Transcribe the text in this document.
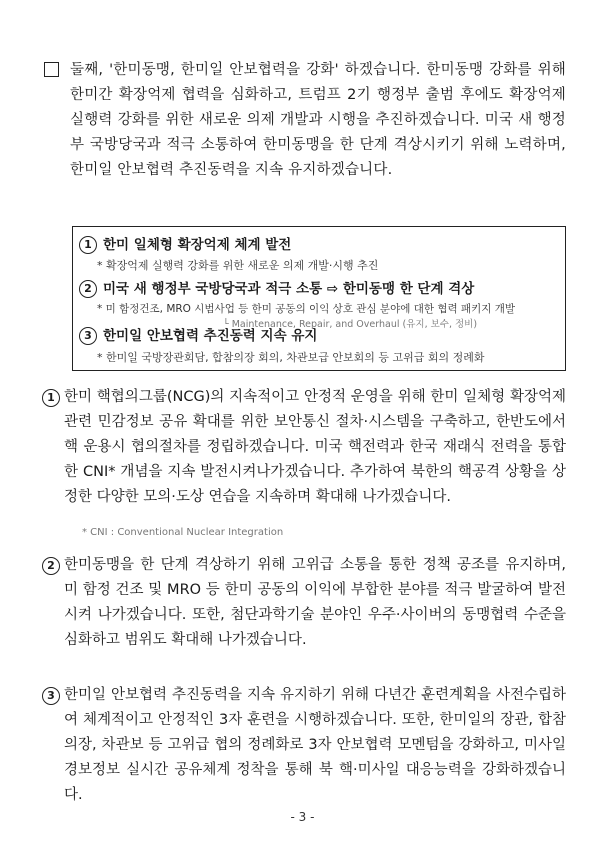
둘째, '한미동맹, 한미일 안보협력을 강화' 하겠습니다. 한미동맹 강화를 위해 한미간 확장억제 협력을 심화하고, 트럼프 2기 행정부 출범 후에도 확장억제 실행력 강화를 위한 새로운 의제 개발과 시행을 추진하겠습니다. 미국 새 행정부 국방당국과 적극 소통하여 한미동맹을 한 단계 격상시키기 위해 노력하며, 한미일 안보협력 추진동력을 지속 유지하겠습니다.
1 한미 일체형 확장억제 체계 발전
* 확장억제 실행력 강화를 위한 새로운 의제 개발·시행 추진
2 미국 새 행정부 국방당국과 적극 소통 ⇨ 한미동맹 한 단계 격상
* 미 함정건조, MRO 시범사업 등 한미 공동의 이익 상호 관심 분야에 대한 협력 패키지 개발
└ Maintenance, Repair, and Overhaul (유지, 보수, 정비)
3 한미일 안보협력 추진동력 지속 유지
* 한미일 국방장관회담, 합참의장 회의, 차관보급 안보회의 등 고위급 회의 정례화
1 한미 핵협의그룹(NCG)의 지속적이고 안정적 운영을 위해 한미 일체형 확장억제 관련 민감정보 공유 확대를 위한 보안통신 절차·시스템을 구축하고, 한반도에서 핵 운용시 협의절차를 정립하겠습니다. 미국 핵전력과 한국 재래식 전력을 통합한 CNI* 개념을 지속 발전시켜나가겠습니다. 추가하여 북한의 핵공격 상황을 상정한 다양한 모의·도상 연습을 지속하며 확대해 나가겠습니다.
* CNI : Conventional Nuclear Integration
2 한미동맹을 한 단계 격상하기 위해 고위급 소통을 통한 정책 공조를 유지하며, 미 함정 건조 및 MRO 등 한미 공동의 이익에 부합한 분야를 적극 발굴하여 발전시켜 나가겠습니다. 또한, 첨단과학기술 분야인 우주·사이버의 동맹협력 수준을 심화하고 범위도 확대해 나가겠습니다.
3 한미일 안보협력 추진동력을 지속 유지하기 위해 다년간 훈련계획을 사전수립하여 체계적이고 안정적인 3자 훈련을 시행하겠습니다. 또한, 한미일의 장관, 합참의장, 차관보 등 고위급 협의 정례화로 3자 안보협력 모멘텀을 강화하고, 미사일 경보정보 실시간 공유체계 정착을 통해 북 핵·미사일 대응능력을 강화하겠습니다.
- 3 -
